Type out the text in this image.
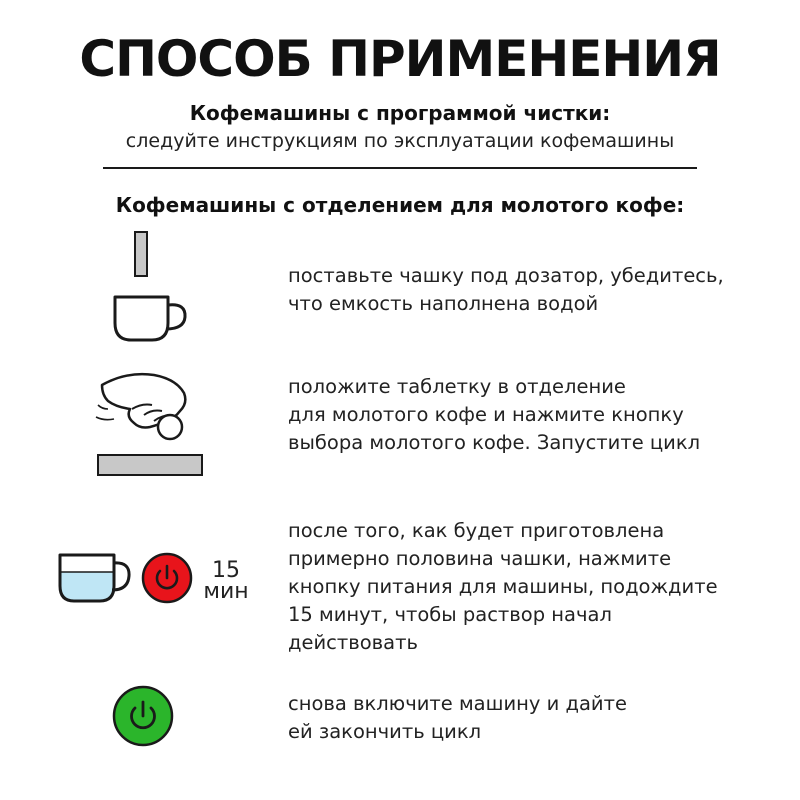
СПОСОБ ПРИМЕНЕНИЯ
Кофемашины с программой чистки:
следуйте инструкциям по эксплуатации кофемашины
Кофемашины с отделением для молотого кофе:
поставьте чашку под дозатор, убедитесь,
что емкость наполнена водой
положите таблетку в отделение
для молотого кофе и нажмите кнопку
выбора молотого кофе. Запустите цикл
15
мин
после того, как будет приготовлена
примерно половина чашки, нажмите
кнопку питания для машины, подождите
15 минут, чтобы раствор начал
действовать
снова включите машину и дайте
ей закончить цикл
